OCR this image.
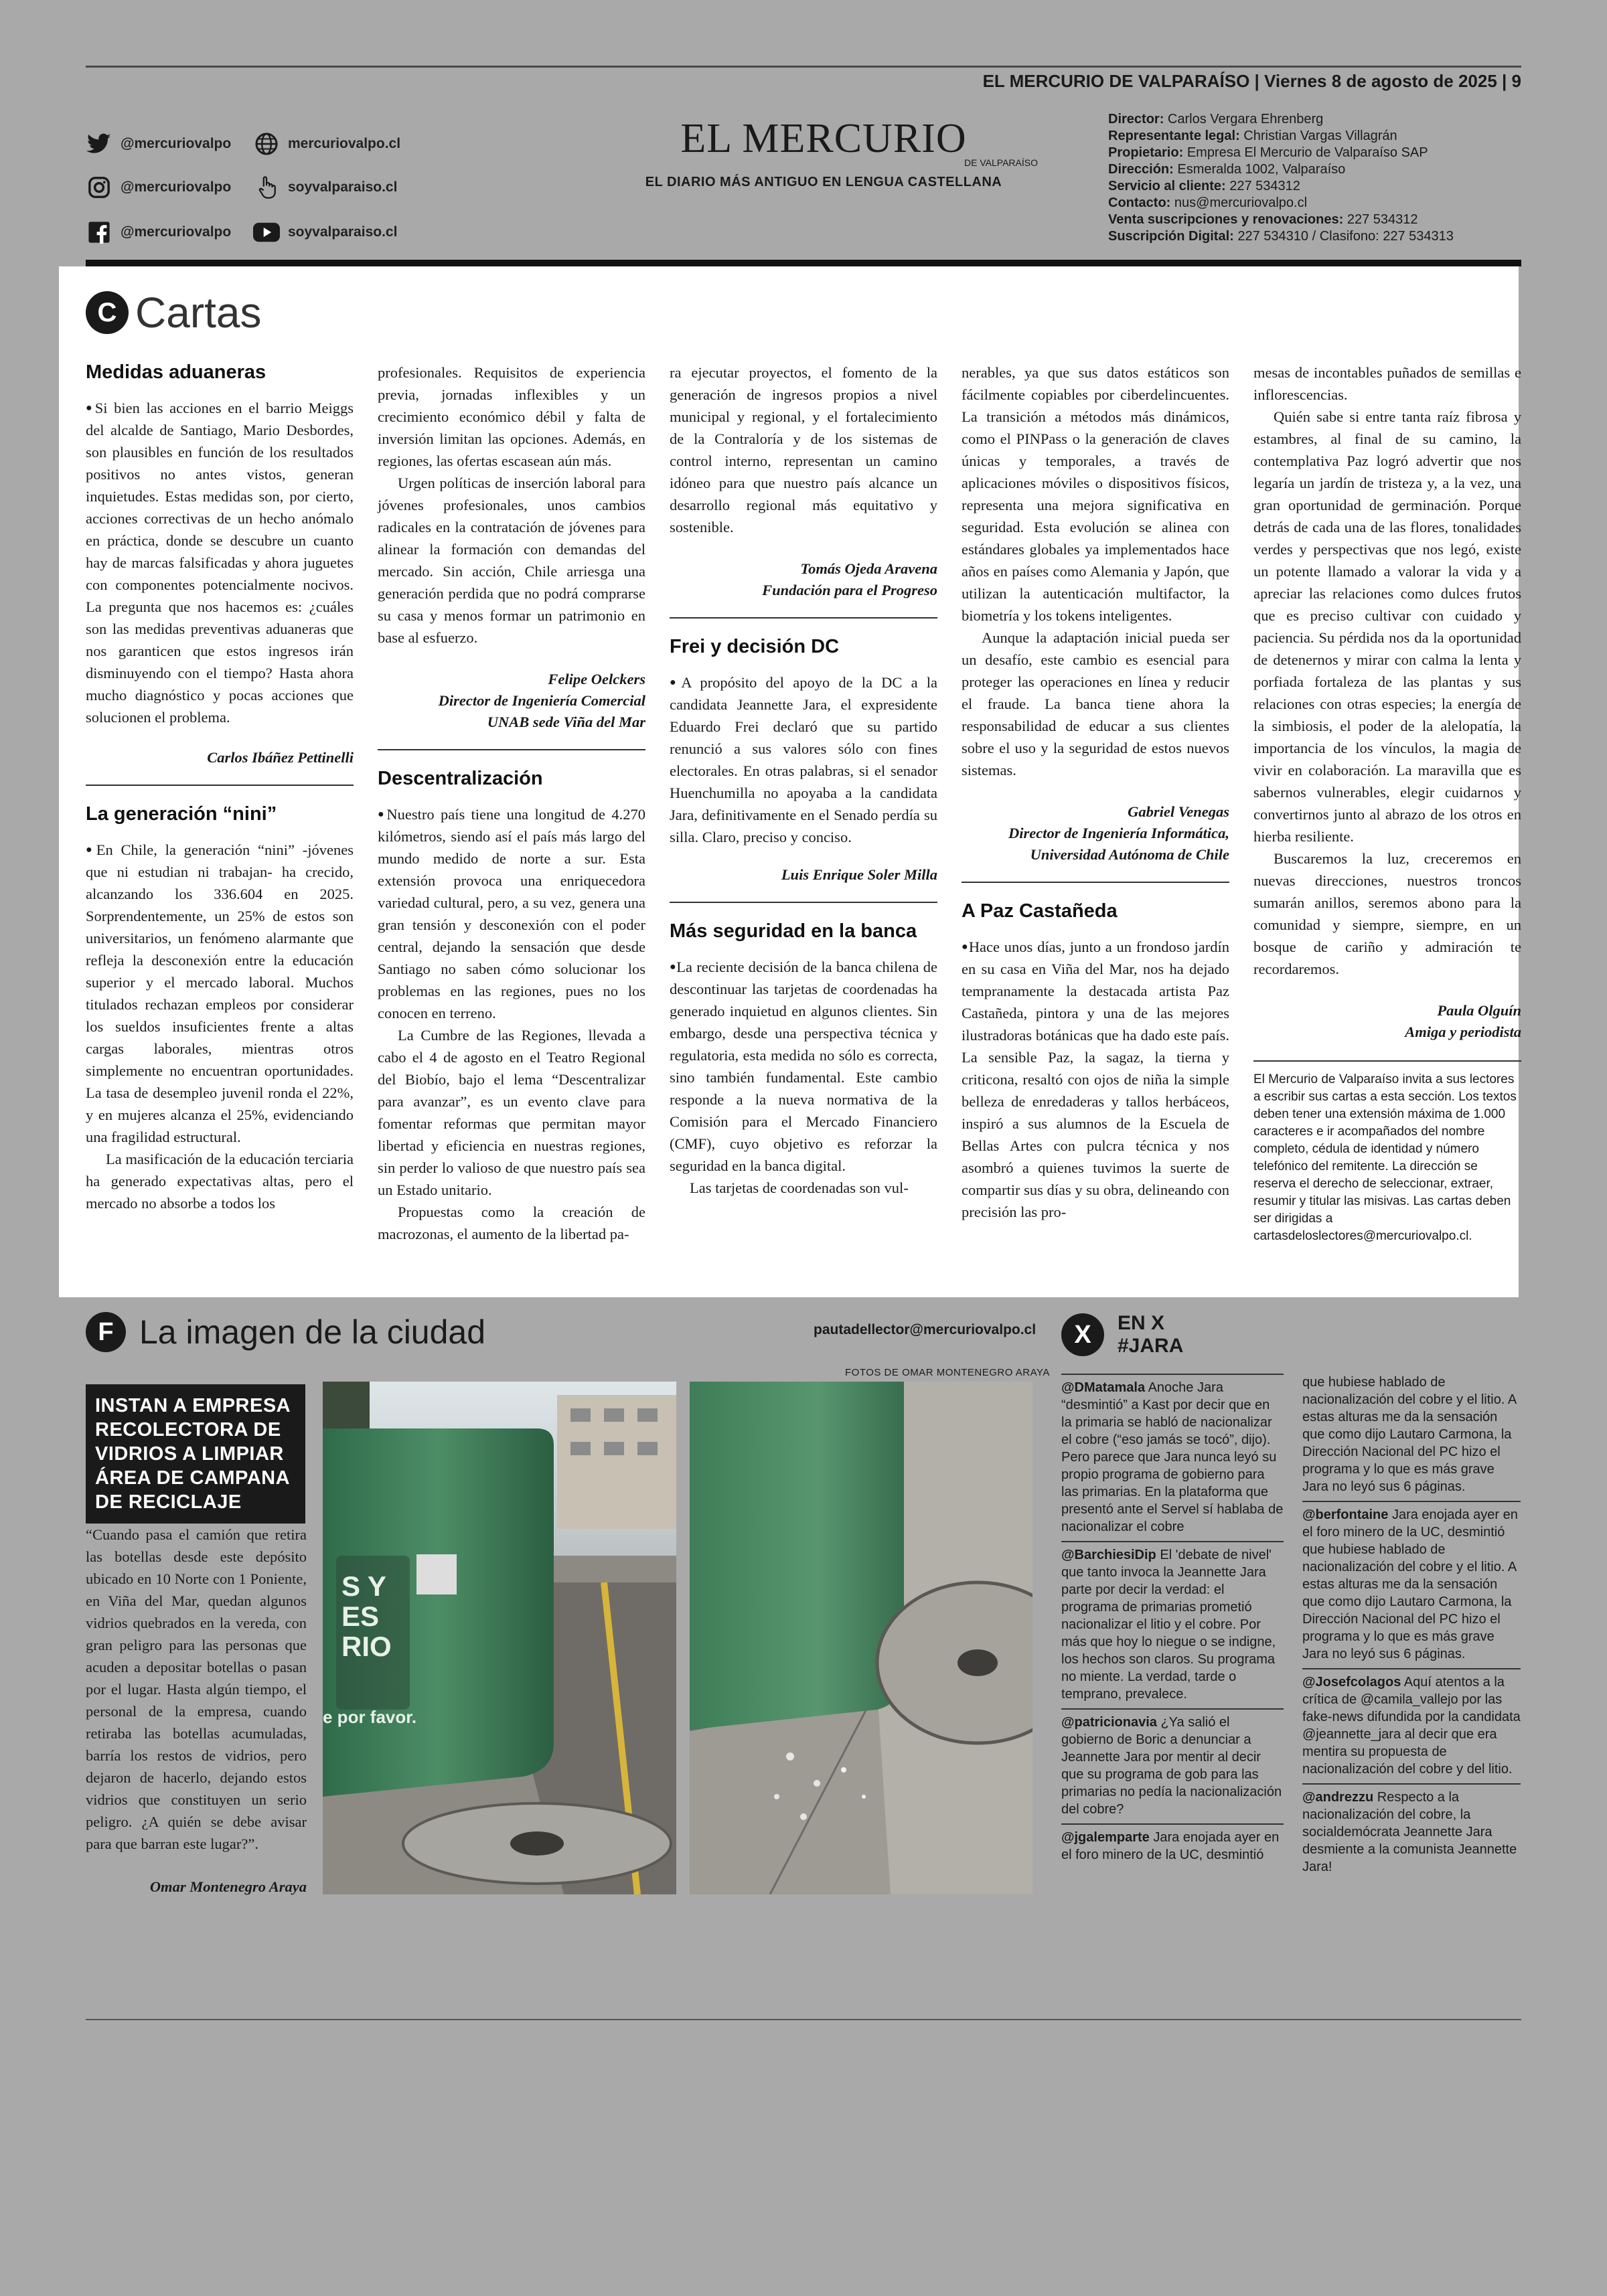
EL MERCURIO DE VALPARAÍSO | Viernes 8 de agosto de 2025 | 9
@mercuriovalpo	mercuriovalpo.cl
@mercuriovalpo	soyvalparaiso.cl
@mercuriovalpo	soyvalparaiso.cl
EL MERCURIO
DE VALPARAÍSO
EL DIARIO MÁS ANTIGUO EN LENGUA CASTELLANA
Director: Carlos Vergara Ehrenberg
Representante legal: Christian Vargas Villagrán
Propietario: Empresa El Mercurio de Valparaíso SAP
Dirección: Esmeralda 1002, Valparaíso
Servicio al cliente: 227 534312
Contacto: nus@mercuriovalpo.cl
Venta suscripciones y renovaciones: 227 534312
Suscripción Digital: 227 534310 / Clasifono: 227 534313
C Cartas
Medidas aduaneras

● Si bien las acciones en el barrio Meiggs del alcalde de Santiago, Mario Desbordes, son plausibles en función de los resultados positivos no antes vistos, generan inquietudes. Estas medidas son, por cierto, acciones correctivas de un hecho anómalo en práctica, donde se descubre un cuanto hay de marcas falsificadas y ahora juguetes con componentes potencialmente nocivos. La pregunta que nos hacemos es: ¿cuáles son las medidas preventivas aduaneras que nos garanticen que estos ingresos irán disminuyendo con el tiempo? Hasta ahora mucho diagnóstico y pocas acciones que solucionen el problema.

Carlos Ibáñez Pettinelli
La generación “nini”

● En Chile, la generación “nini” -jóvenes que ni estudian ni trabajan- ha crecido, alcanzando los 336.604 en 2025. Sorprendentemente, un 25% de estos son universitarios, un fenómeno alarmante que refleja la desconexión entre la educación superior y el mercado laboral. Muchos titulados rechazan empleos por considerar los sueldos insuficientes frente a altas cargas laborales, mientras otros simplemente no encuentran oportunidades. La tasa de desempleo juvenil ronda el 22%, y en mujeres alcanza el 25%, evidenciando una fragilidad estructural.

La masificación de la educación terciaria ha generado expectativas altas, pero el mercado no absorbe a todos los

profesionales. Requisitos de experiencia previa, jornadas inflexibles y un crecimiento económico débil y falta de inversión limitan las opciones. Además, en regiones, las ofertas escasean aún más.

Urgen políticas de inserción laboral para jóvenes profesionales, unos cambios radicales en la contratación de jóvenes para alinear la formación con demandas del mercado. Sin acción, Chile arriesga una generación perdida que no podrá comprarse su casa y menos formar un patrimonio en base al esfuerzo.

Felipe Oelckers
Director de Ingeniería Comercial
UNAB sede Viña del Mar
Descentralización

● Nuestro país tiene una longitud de 4.270 kilómetros, siendo así el país más largo del mundo medido de norte a sur. Esta extensión provoca una enriquecedora variedad cultural, pero, a su vez, genera una gran tensión y desconexión con el poder central, dejando la sensación que desde Santiago no saben cómo solucionar los problemas en las regiones, pues no los conocen en terreno.

La Cumbre de las Regiones, llevada a cabo el 4 de agosto en el Teatro Regional del Biobío, bajo el lema “Descentralizar para avanzar”, es un evento clave para fomentar reformas que permitan mayor libertad y eficiencia en nuestras regiones, sin perder lo valioso de que nuestro país sea un Estado unitario.

Propuestas como la creación de macrozonas, el aumento de la libertad pa-

ra ejecutar proyectos, el fomento de la generación de ingresos propios a nivel municipal y regional, y el fortalecimiento de la Contraloría y de los sistemas de control interno, representan un camino idóneo para que nuestro país alcance un desarrollo regional más equitativo y sostenible.

Tomás Ojeda Aravena
Fundación para el Progreso
Frei y decisión DC

● A propósito del apoyo de la DC a la candidata Jeannette Jara, el expresidente Eduardo Frei declaró que su partido renunció a sus valores sólo con fines electorales. En otras palabras, si el senador Huenchumilla no apoyaba a la candidata Jara, definitivamente en el Senado perdía su silla. Claro, preciso y conciso.

Luis Enrique Soler Milla
Más seguridad en la banca

● La reciente decisión de la banca chilena de descontinuar las tarjetas de coordenadas ha generado inquietud en algunos clientes. Sin embargo, desde una perspectiva técnica y regulatoria, esta medida no sólo es correcta, sino también fundamental. Este cambio responde a la nueva normativa de la Comisión para el Mercado Financiero (CMF), cuyo objetivo es reforzar la seguridad en la banca digital.

Las tarjetas de coordenadas son vul-

nerables, ya que sus datos estáticos son fácilmente copiables por ciberdelincuentes. La transición a métodos más dinámicos, como el PINPass o la generación de claves únicas y temporales, a través de aplicaciones móviles o dispositivos físicos, representa una mejora significativa en seguridad. Esta evolución se alinea con estándares globales ya implementados hace años en países como Alemania y Japón, que utilizan la autenticación multifactor, la biometría y los tokens inteligentes.

Aunque la adaptación inicial pueda ser un desafío, este cambio es esencial para proteger las operaciones en línea y reducir el fraude. La banca tiene ahora la responsabilidad de educar a sus clientes sobre el uso y la seguridad de estos nuevos sistemas.

Gabriel Venegas
Director de Ingeniería Informática,
Universidad Autónoma de Chile
A Paz Castañeda

● Hace unos días, junto a un frondoso jardín en su casa en Viña del Mar, nos ha dejado tempranamente la destacada artista Paz Castañeda, pintora y una de las mejores ilustradoras botánicas que ha dado este país. La sensible Paz, la sagaz, la tierna y criticona, resaltó con ojos de niña la simple belleza de enredaderas y tallos herbáceos, inspiró a sus alumnos de la Escuela de Bellas Artes con pulcra técnica y nos asombró a quienes tuvimos la suerte de compartir sus días y su obra, delineando con precisión las pro-

mesas de incontables puñados de semillas e inflorescencias.

Quién sabe si entre tanta raíz fibrosa y estambres, al final de su camino, la contemplativa Paz logró advertir que nos legaría un jardín de tristeza y, a la vez, una gran oportunidad de germinación. Porque detrás de cada una de las flores, tonalidades verdes y perspectivas que nos legó, existe un potente llamado a valorar la vida y a apreciar las relaciones como dulces frutos que es preciso cultivar con cuidado y paciencia. Su pérdida nos da la oportunidad de detenernos y mirar con calma la lenta y porfiada fortaleza de las plantas y sus relaciones con otras especies; la energía de la simbiosis, el poder de la alelopatía, la importancia de los vínculos, la magia de vivir en colaboración. La maravilla que es sabernos vulnerables, elegir cuidarnos y convertirnos junto al abrazo de los otros en hierba resiliente.

Buscaremos la luz, creceremos en nuevas direcciones, nuestros troncos sumarán anillos, seremos abono para la comunidad y siempre, siempre, en un bosque de cariño y admiración te recordaremos.

Paula Olguín
Amiga y periodista
El Mercurio de Valparaíso invita a sus lectores a escribir sus cartas a esta sección. Los textos deben tener una extensión máxima de 1.000 caracteres e ir acompañados del nombre completo, cédula de identidad y número telefónico del remitente. La dirección se reserva el derecho de seleccionar, extraer, resumir y titular las misivas. Las cartas deben ser dirigidas a cartasdeloslectores@mercuriovalpo.cl.
F La imagen de la ciudad	pautadellector@mercuriovalpo.cl
FOTOS DE OMAR MONTENEGRO ARAYA
INSTAN A EMPRESA RECOLECTORA DE VIDRIOS A LIMPIAR ÁREA DE CAMPANA DE RECICLAJE
“Cuando pasa el camión que retira las botellas desde este depósito ubicado en 10 Norte con 1 Poniente, en Viña del Mar, quedan algunos vidrios quebrados en la vereda, con gran peligro para las personas que acuden a depositar botellas o pasan por el lugar. Hasta algún tiempo, el personal de la empresa, cuando retiraba las botellas acumuladas, barría los restos de vidrios, pero dejaron de hacerlo, dejando estos vidrios que constituyen un serio peligro. ¿A quién se debe avisar para que barran este lugar?”.
Omar Montenegro Araya
S Y
ES
RIO
e por favor.
X	EN X
#JARA
@DMatamala Anoche Jara “desmintió” a Kast por decir que en la primaria se habló de nacionalizar el cobre (“eso jamás se tocó”, dijo). Pero parece que Jara nunca leyó su propio programa de gobierno para las primarias. En la plataforma que presentó ante el Servel sí hablaba de nacionalizar el cobre
@BarchiesiDip El 'debate de nivel' que tanto invoca la Jeannette Jara parte por decir la verdad: el programa de primarias prometió nacionalizar el litio y el cobre. Por más que hoy lo niegue o se indigne, los hechos son claros. Su programa no miente. La verdad, tarde o temprano, prevalece.
@patricionavia ¿Ya salió el gobierno de Boric a denunciar a Jeannette Jara por mentir al decir que su programa de gob para las primarias no pedía la nacionalización del cobre?
@jgalemparte Jara enojada ayer en el foro minero de la UC, desmintió
que hubiese hablado de nacionalización del cobre y el litio. A estas alturas me da la sensación que como dijo Lautaro Carmona, la Dirección Nacional del PC hizo el programa y lo que es más grave Jara no leyó sus 6 páginas.
@berfontaine Jara enojada ayer en el foro minero de la UC, desmintió que hubiese hablado de nacionalización del cobre y el litio. A estas alturas me da la sensación que como dijo Lautaro Carmona, la Dirección Nacional del PC hizo el programa y lo que es más grave Jara no leyó sus 6 páginas.
@Josefcolagos Aquí atentos a la crítica de @camila_vallejo por las fake-news difundida por la candidata @jeannette_jara al decir que era mentira su propuesta de nacionalización del cobre y del litio.
@andrezzu Respecto a la nacionalización del cobre, la socialdemócrata Jeannette Jara desmiente a la comunista Jeannette Jara!
